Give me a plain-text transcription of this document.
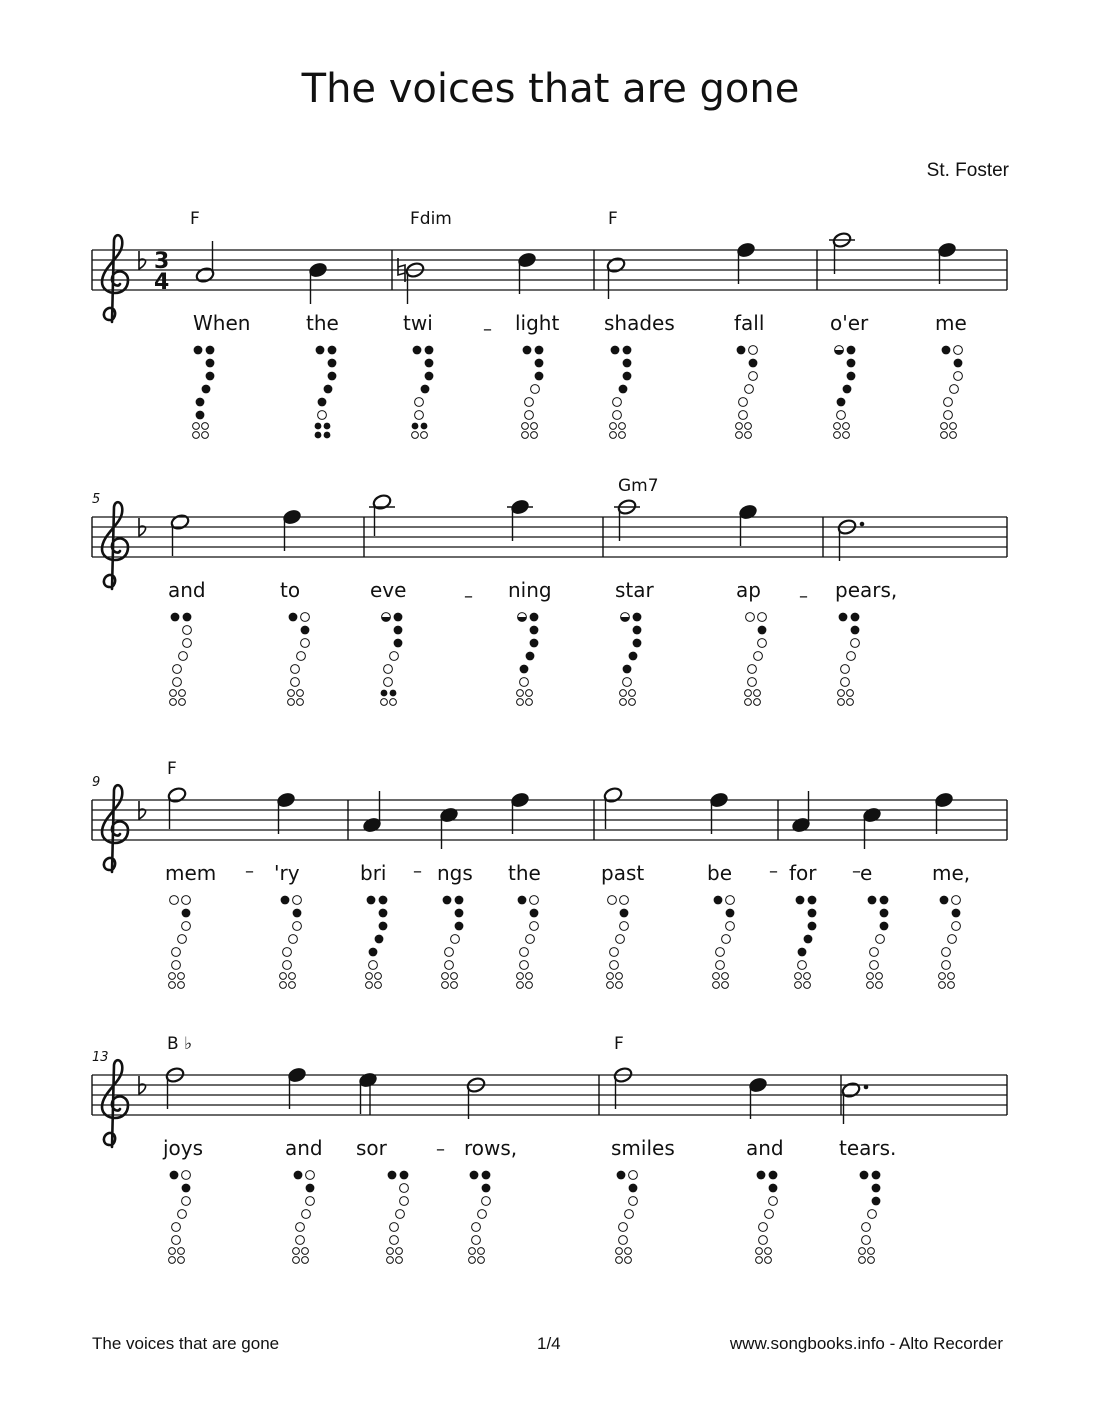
The voices that are gone
St. Foster
3
4
F	Fdim	F
When	the	twi	light shades	fall	o'er	me
–
5
Gm7
and	to	eve	ning	star	ap	pears,
–	–
9
F
mem	'ry	bri	ngs the	past	be	for e	me,
–	–	–	–
13
B ♭	F
joys	and sor	rows,	smiles	and	tears.
–
The voices that are gone	1/4	www.songbooks.info - Alto Recorder
